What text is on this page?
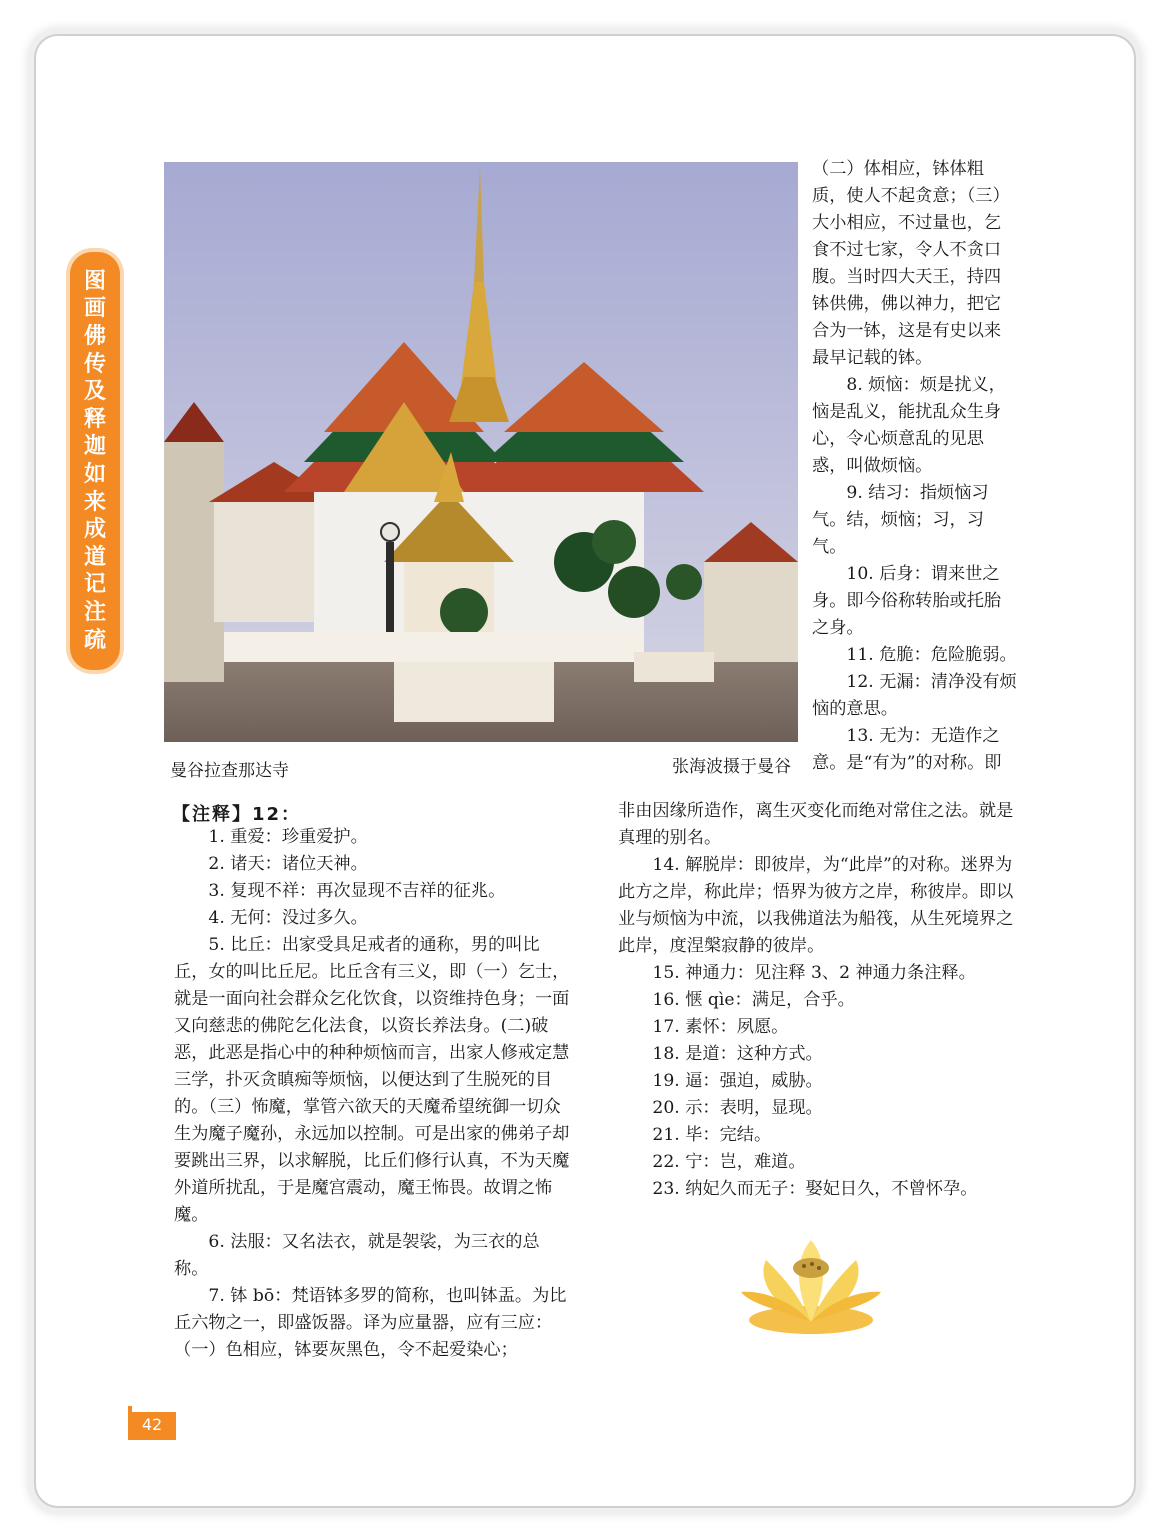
图
画
佛
传
及
释
迦
如
来
成
道
记
注
疏
曼谷拉查那达寺	张海波摄于曼谷

（二）体相应，钵体粗质，使人不起贪意；（三）大小相应，不过量也，乞食不过七家，令人不贪口腹。当时四大天王，持四钵供佛，佛以神力，把它合为一钵，这是有史以来最早记载的钵。

8. 烦恼：烦是扰义，恼是乱义，能扰乱众生身心，令心烦意乱的见思惑，叫做烦恼。

9. 结习：指烦恼习气。结，烦恼；习，习气。

10. 后身：谓来世之身。即今俗称转胎或托胎之身。

11. 危脆：危险脆弱。

12. 无漏：清净没有烦恼的意思。

13. 无为：无造作之意。是“有为”的对称。即

【注释】12：

1. 重爱：珍重爱护。

2. 诸天：诸位天神。

3. 复现不祥：再次显现不吉祥的征兆。

4. 无何：没过多久。

5. 比丘：出家受具足戒者的通称，男的叫比丘，女的叫比丘尼。比丘含有三义，即（一）乞士，就是一面向社会群众乞化饮食，以资维持色身；一面又向慈悲的佛陀乞化法食，以资长养法身。(二)破恶，此恶是指心中的种种烦恼而言，出家人修戒定慧三学，扑灭贪瞋痴等烦恼，以便达到了生脱死的目的。（三）怖魔，掌管六欲天的天魔希望统御一切众生为魔子魔孙，永远加以控制。可是出家的佛弟子却要跳出三界，以求解脱，比丘们修行认真，不为天魔外道所扰乱，于是魔宫震动，魔王怖畏。故谓之怖魔。

6. 法服：又名法衣，就是袈裟，为三衣的总称。

7. 钵 bō：梵语钵多罗的简称，也叫钵盂。为比丘六物之一，即盛饭器。译为应量器，应有三应：（一）色相应，钵要灰黑色，令不起爱染心；

非由因缘所造作，离生灭变化而绝对常住之法。就是真理的别名。

14. 解脱岸：即彼岸，为“此岸”的对称。迷界为此方之岸，称此岸；悟界为彼方之岸，称彼岸。即以业与烦恼为中流，以我佛道法为船筏，从生死境界之此岸，度涅槃寂静的彼岸。

15. 神通力：见注释 3、2 神通力条注释。

16. 惬 qìe：满足，合乎。

17. 素怀：夙愿。

18. 是道：这种方式。

19. 逼：强迫，威胁。

20. 示：表明，显现。

21. 毕：完结。

22. 宁：岂，难道。

23. 纳妃久而无子：娶妃日久，不曾怀孕。

42
